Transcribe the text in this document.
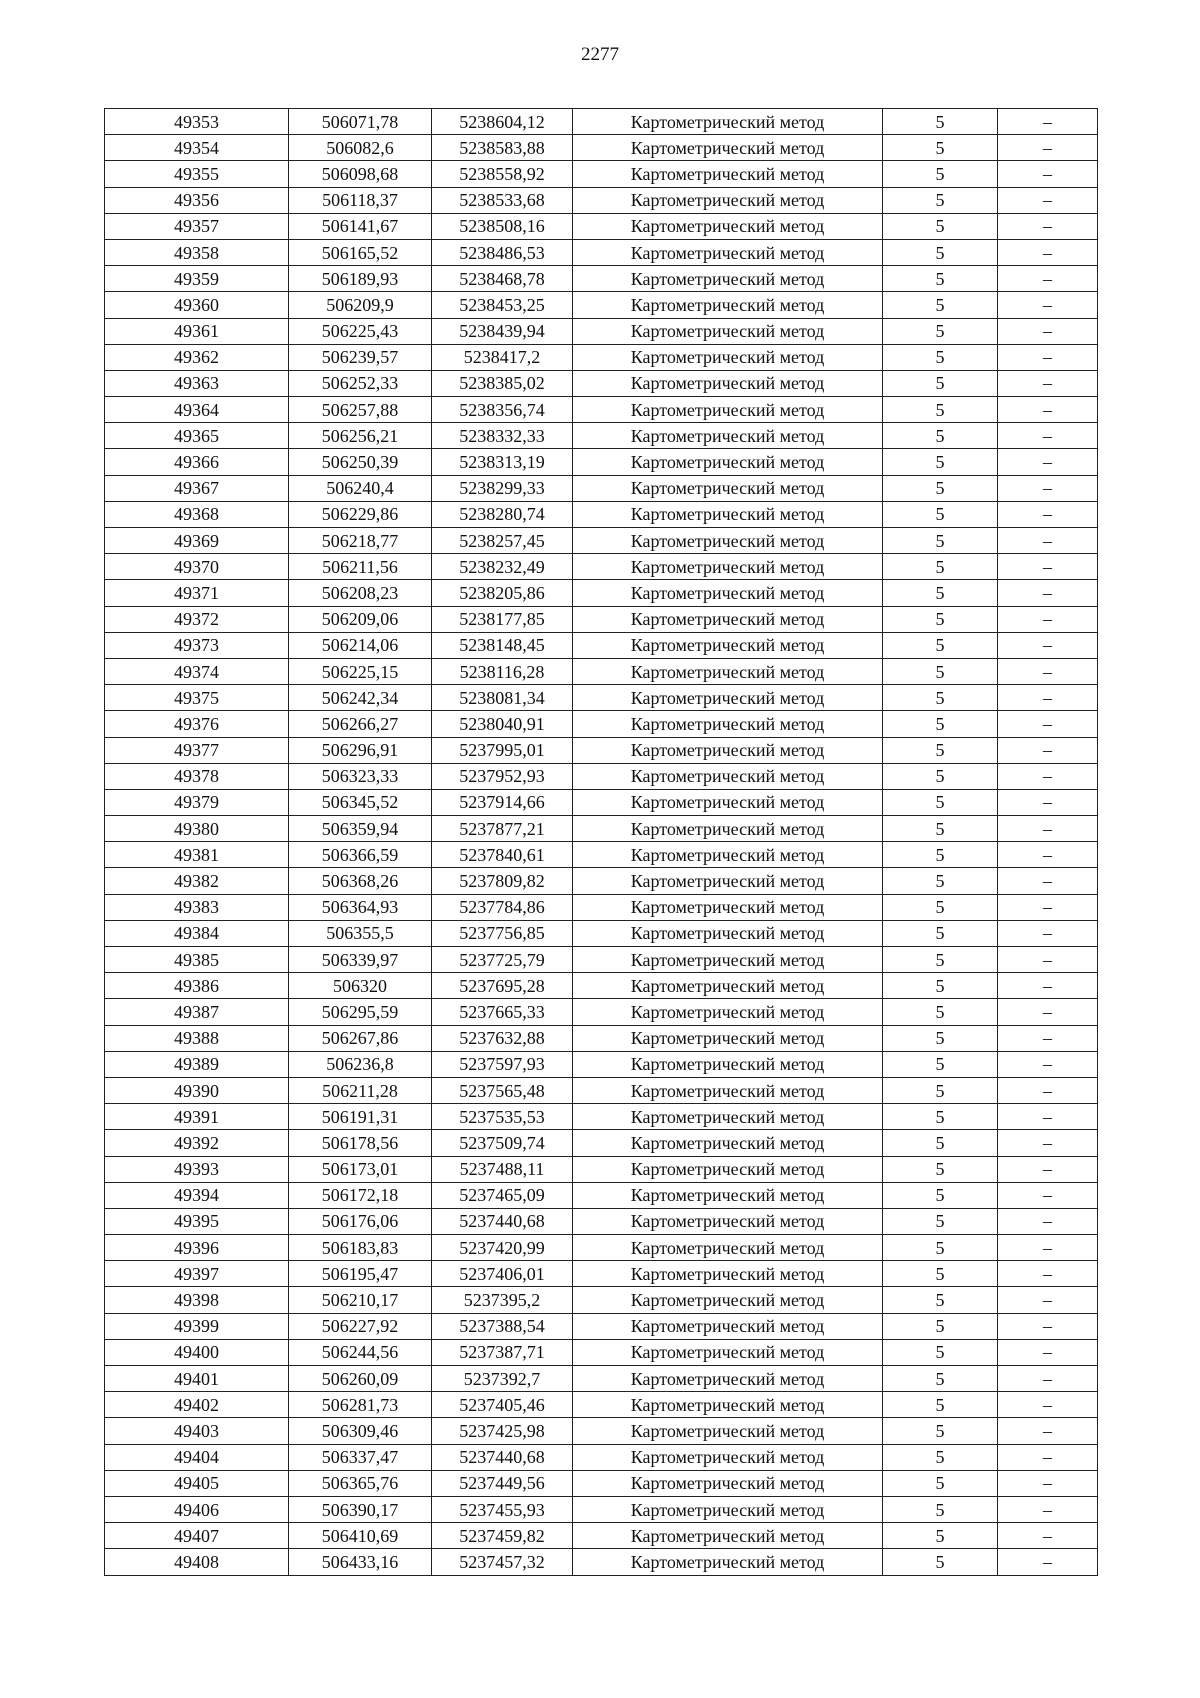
2277
49353	506071,78	5238604,12	Картометрический метод	5	–
49354	506082,6	5238583,88	Картометрический метод	5	–
49355	506098,68	5238558,92	Картометрический метод	5	–
49356	506118,37	5238533,68	Картометрический метод	5	–
49357	506141,67	5238508,16	Картометрический метод	5	–
49358	506165,52	5238486,53	Картометрический метод	5	–
49359	506189,93	5238468,78	Картометрический метод	5	–
49360	506209,9	5238453,25	Картометрический метод	5	–
49361	506225,43	5238439,94	Картометрический метод	5	–
49362	506239,57	5238417,2	Картометрический метод	5	–
49363	506252,33	5238385,02	Картометрический метод	5	–
49364	506257,88	5238356,74	Картометрический метод	5	–
49365	506256,21	5238332,33	Картометрический метод	5	–
49366	506250,39	5238313,19	Картометрический метод	5	–
49367	506240,4	5238299,33	Картометрический метод	5	–
49368	506229,86	5238280,74	Картометрический метод	5	–
49369	506218,77	5238257,45	Картометрический метод	5	–
49370	506211,56	5238232,49	Картометрический метод	5	–
49371	506208,23	5238205,86	Картометрический метод	5	–
49372	506209,06	5238177,85	Картометрический метод	5	–
49373	506214,06	5238148,45	Картометрический метод	5	–
49374	506225,15	5238116,28	Картометрический метод	5	–
49375	506242,34	5238081,34	Картометрический метод	5	–
49376	506266,27	5238040,91	Картометрический метод	5	–
49377	506296,91	5237995,01	Картометрический метод	5	–
49378	506323,33	5237952,93	Картометрический метод	5	–
49379	506345,52	5237914,66	Картометрический метод	5	–
49380	506359,94	5237877,21	Картометрический метод	5	–
49381	506366,59	5237840,61	Картометрический метод	5	–
49382	506368,26	5237809,82	Картометрический метод	5	–
49383	506364,93	5237784,86	Картометрический метод	5	–
49384	506355,5	5237756,85	Картометрический метод	5	–
49385	506339,97	5237725,79	Картометрический метод	5	–
49386	506320	5237695,28	Картометрический метод	5	–
49387	506295,59	5237665,33	Картометрический метод	5	–
49388	506267,86	5237632,88	Картометрический метод	5	–
49389	506236,8	5237597,93	Картометрический метод	5	–
49390	506211,28	5237565,48	Картометрический метод	5	–
49391	506191,31	5237535,53	Картометрический метод	5	–
49392	506178,56	5237509,74	Картометрический метод	5	–
49393	506173,01	5237488,11	Картометрический метод	5	–
49394	506172,18	5237465,09	Картометрический метод	5	–
49395	506176,06	5237440,68	Картометрический метод	5	–
49396	506183,83	5237420,99	Картометрический метод	5	–
49397	506195,47	5237406,01	Картометрический метод	5	–
49398	506210,17	5237395,2	Картометрический метод	5	–
49399	506227,92	5237388,54	Картометрический метод	5	–
49400	506244,56	5237387,71	Картометрический метод	5	–
49401	506260,09	5237392,7	Картометрический метод	5	–
49402	506281,73	5237405,46	Картометрический метод	5	–
49403	506309,46	5237425,98	Картометрический метод	5	–
49404	506337,47	5237440,68	Картометрический метод	5	–
49405	506365,76	5237449,56	Картометрический метод	5	–
49406	506390,17	5237455,93	Картометрический метод	5	–
49407	506410,69	5237459,82	Картометрический метод	5	–
49408	506433,16	5237457,32	Картометрический метод	5	–
